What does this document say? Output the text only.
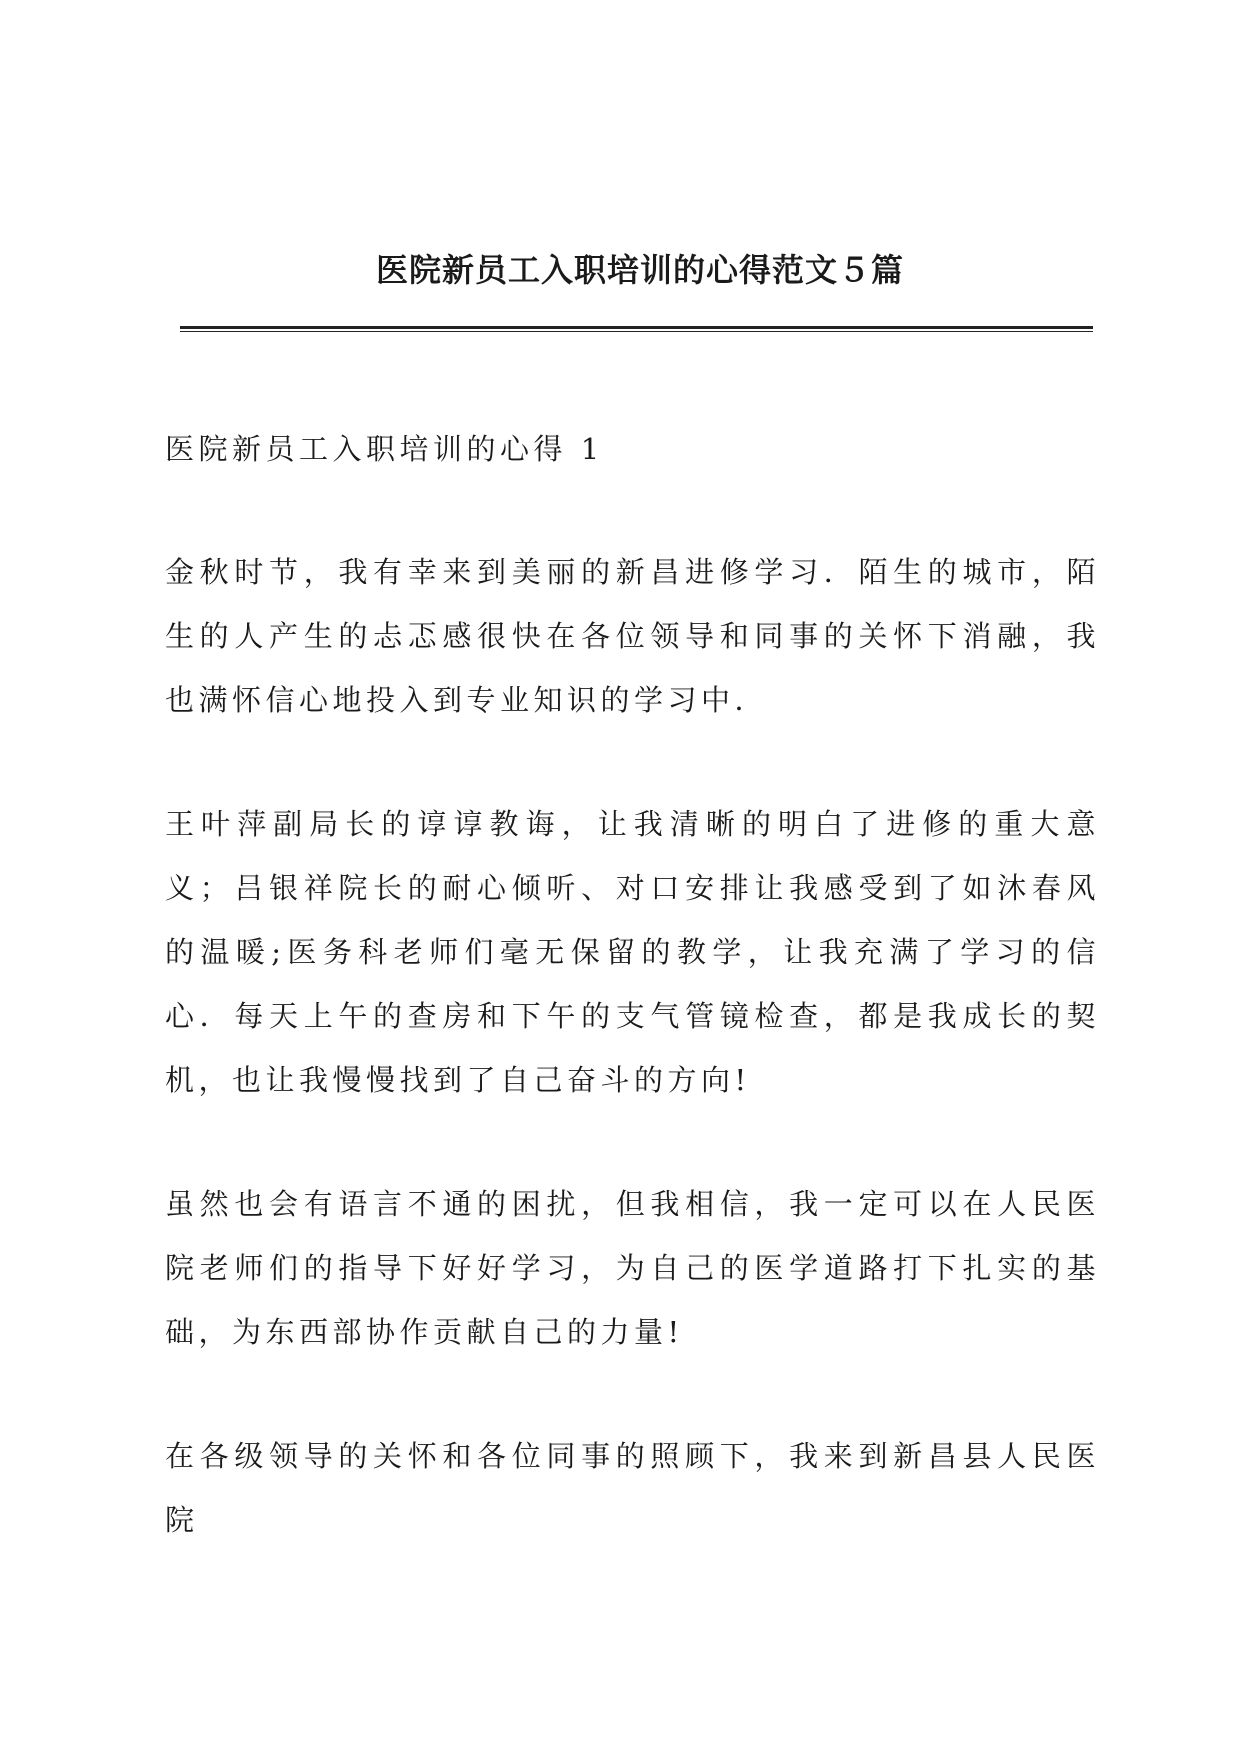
医院新员工入职培训的心得范文５篇
医院新员工入职培训的心得 1

金秋时节，我有幸来到美丽的新昌进修学习．陌生的城市，陌生的人产生的忐忑感很快在各位领导和同事的关怀下消融，我也满怀信心地投入到专业知识的学习中．

王叶萍副局长的谆谆教诲，让我清晰的明白了进修的重大意义；吕银祥院长的耐心倾听、对口安排让我感受到了如沐春风的温暖;医务科老师们毫无保留的教学，让我充满了学习的信心．每天上午的查房和下午的支气管镜检查，都是我成长的契机，也让我慢慢找到了自己奋斗的方向!

虽然也会有语言不通的困扰，但我相信，我一定可以在人民医院老师们的指导下好好学习，为自己的医学道路打下扎实的基础，为东西部协作贡献自己的力量!

在各级领导的关怀和各位同事的照顾下，我来到新昌县人民医院
